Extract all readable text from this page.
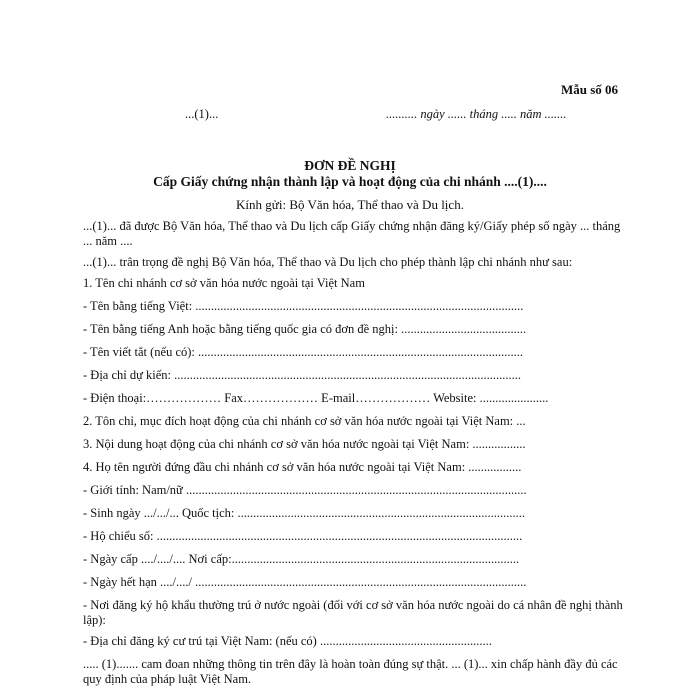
Mẫu số 06
...(1)...	.......... ngày ...... tháng ..... năm .......
ĐƠN ĐỀ NGHỊ
Cấp Giấy chứng nhận thành lập và hoạt động của chi nhánh ....(1)....
Kính gửi: Bộ Văn hóa, Thể thao và Du lịch.

...(1)... đã được Bộ Văn hóa, Thể thao và Du lịch cấp Giấy chứng nhận đăng ký/Giấy phép số ngày ... tháng ... năm ....

...(1)... trân trọng đề nghị Bộ Văn hóa, Thể thao và Du lịch cho phép thành lập chi nhánh như sau:

1. Tên chi nhánh cơ sở văn hóa nước ngoài tại Việt Nam

- Tên bằng tiếng Việt: .........................................................................................................

- Tên bằng tiếng Anh hoặc bằng tiếng quốc gia có đơn đề nghị: ........................................

- Tên viết tắt (nếu có): ........................................................................................................

- Địa chỉ dự kiến: ...............................................................................................................

- Điện thoại:……………… Fax……………… E-mail……………… Website: ......................

2. Tôn chỉ, mục đích hoạt động của chi nhánh cơ sở văn hóa nước ngoài tại Việt Nam: ...

3. Nội dung hoạt động của chi nhánh cơ sở văn hóa nước ngoài tại Việt Nam: .................

4. Họ tên người đứng đầu chi nhánh cơ sở văn hóa nước ngoài tại Việt Nam: .................

- Giới tính: Nam/nữ .............................................................................................................

- Sinh ngày .../.../... Quốc tịch: ............................................................................................

- Hộ chiếu số: .....................................................................................................................

- Ngày cấp ..../..../.... Nơi cấp:............................................................................................

- Ngày hết hạn ..../..../ ..........................................................................................................

- Nơi đăng ký hộ khẩu thường trú ở nước ngoài (đối với cơ sở văn hóa nước ngoài do cá nhân đề nghị thành lập):

- Địa chỉ đăng ký cư trú tại Việt Nam: (nếu có) .......................................................

..... (1)....... cam đoan những thông tin trên đây là hoàn toàn đúng sự thật. ... (1)... xin chấp hành đầy đủ các quy định của pháp luật Việt Nam.
